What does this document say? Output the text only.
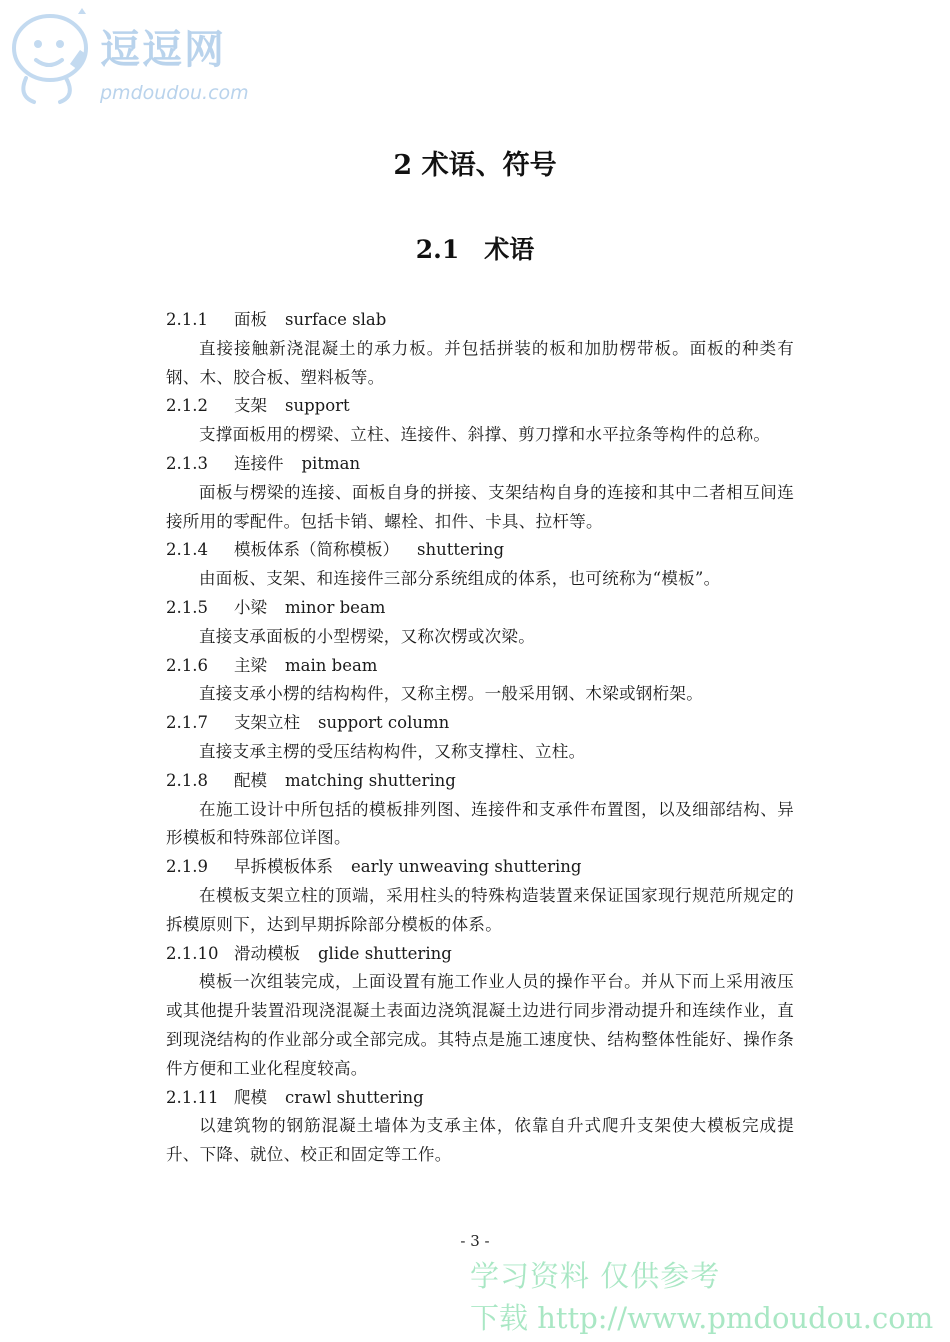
逗逗网
pmdoudou.com
2 术语、符号
2.1　术语
2.1.1 面板 surface slab
直接接触新浇混凝土的承力板。并包括拼装的板和加肋楞带板。面板的种类有钢、木、胶合板、塑料板等。
2.1.2 支架 support
支撑面板用的楞梁、立柱、连接件、斜撑、剪刀撑和水平拉条等构件的总称。
2.1.3 连接件 pitman
面板与楞梁的连接、面板自身的拼接、支架结构自身的连接和其中二者相互间连接所用的零配件。包括卡销、螺栓、扣件、卡具、拉杆等。
2.1.4 模板体系（简称模板） shuttering
由面板、支架、和连接件三部分系统组成的体系，也可统称为“模板”。
2.1.5 小梁 minor beam
直接支承面板的小型楞梁，又称次楞或次梁。
2.1.6 主梁 main beam
直接支承小楞的结构构件，又称主楞。一般采用钢、木梁或钢桁架。
2.1.7 支架立柱 support column
直接支承主楞的受压结构构件，又称支撑柱、立柱。
2.1.8 配模 matching shuttering
在施工设计中所包括的模板排列图、连接件和支承件布置图，以及细部结构、异形模板和特殊部位详图。
2.1.9 早拆模板体系 early unweaving shuttering
在模板支架立柱的顶端，采用柱头的特殊构造装置来保证国家现行规范所规定的拆模原则下，达到早期拆除部分模板的体系。
2.1.10 滑动模板 glide shuttering
模板一次组装完成，上面设置有施工作业人员的操作平台。并从下而上采用液压或其他提升装置沿现浇混凝土表面边浇筑混凝土边进行同步滑动提升和连续作业，直到现浇结构的作业部分或全部完成。其特点是施工速度快、结构整体性能好、操作条件方便和工业化程度较高。
2.1.11 爬模 crawl shuttering
以建筑物的钢筋混凝土墙体为支承主体，依靠自升式爬升支架使大模板完成提升、下降、就位、校正和固定等工作。
- 3 -
学习资料 仅供参考
下载 http://www.pmdoudou.com
